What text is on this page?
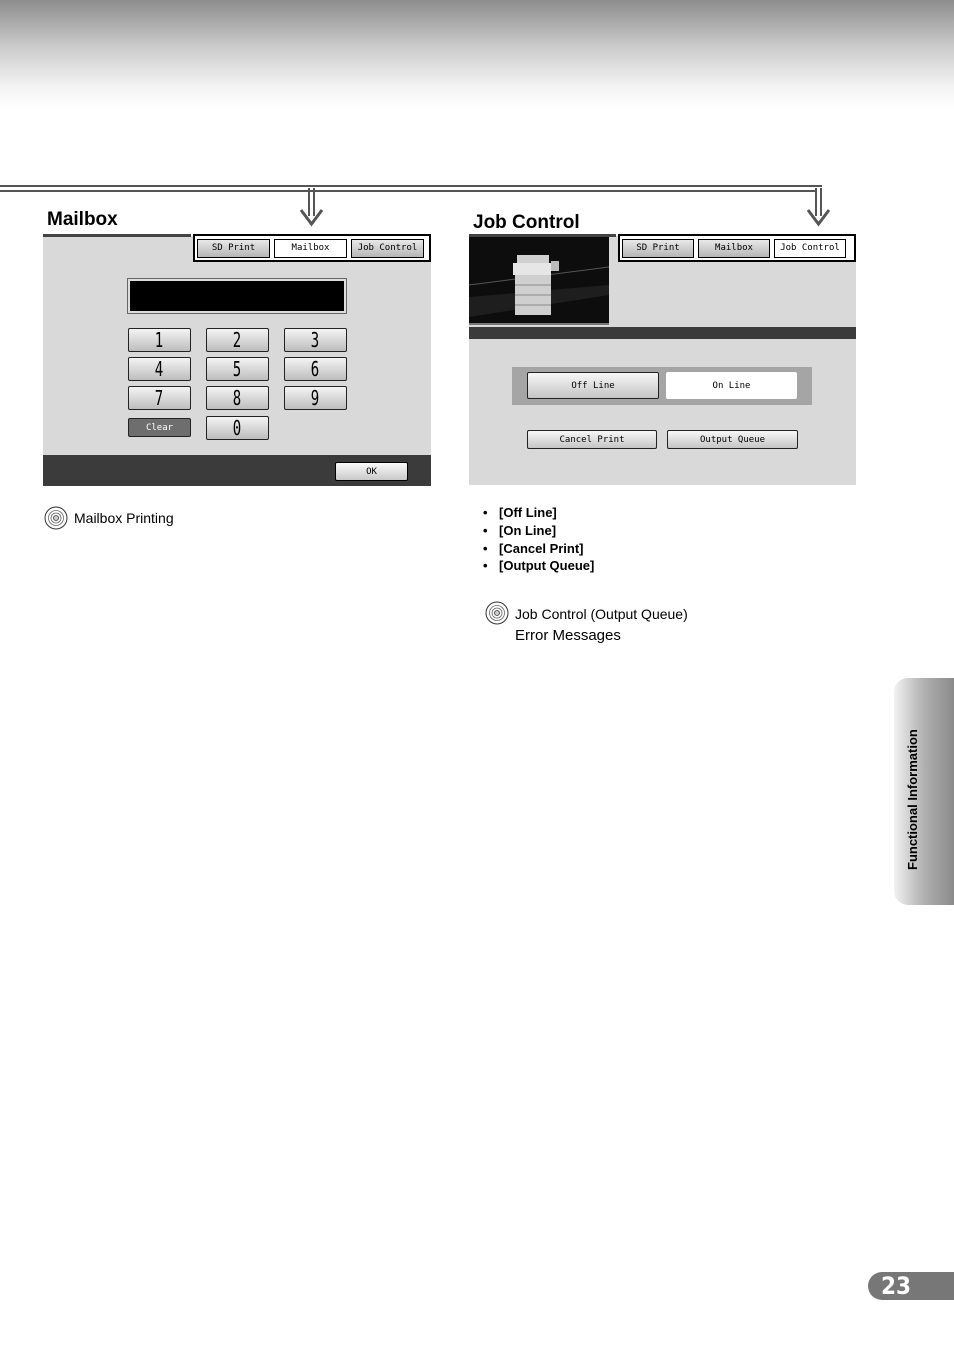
Mailbox
SD Print	Mailbox	Job Control
1	2	3
4	5	6
7	8	9
Clear	0
OK
Mailbox Printing
Job Control
SD Print	Mailbox	Job Control
Off Line	On Line
Cancel Print	Output Queue
• [Off Line]
• [On Line]
• [Cancel Print]
• [Output Queue]
Job Control (Output Queue)
Error Messages
Functional Information
23
